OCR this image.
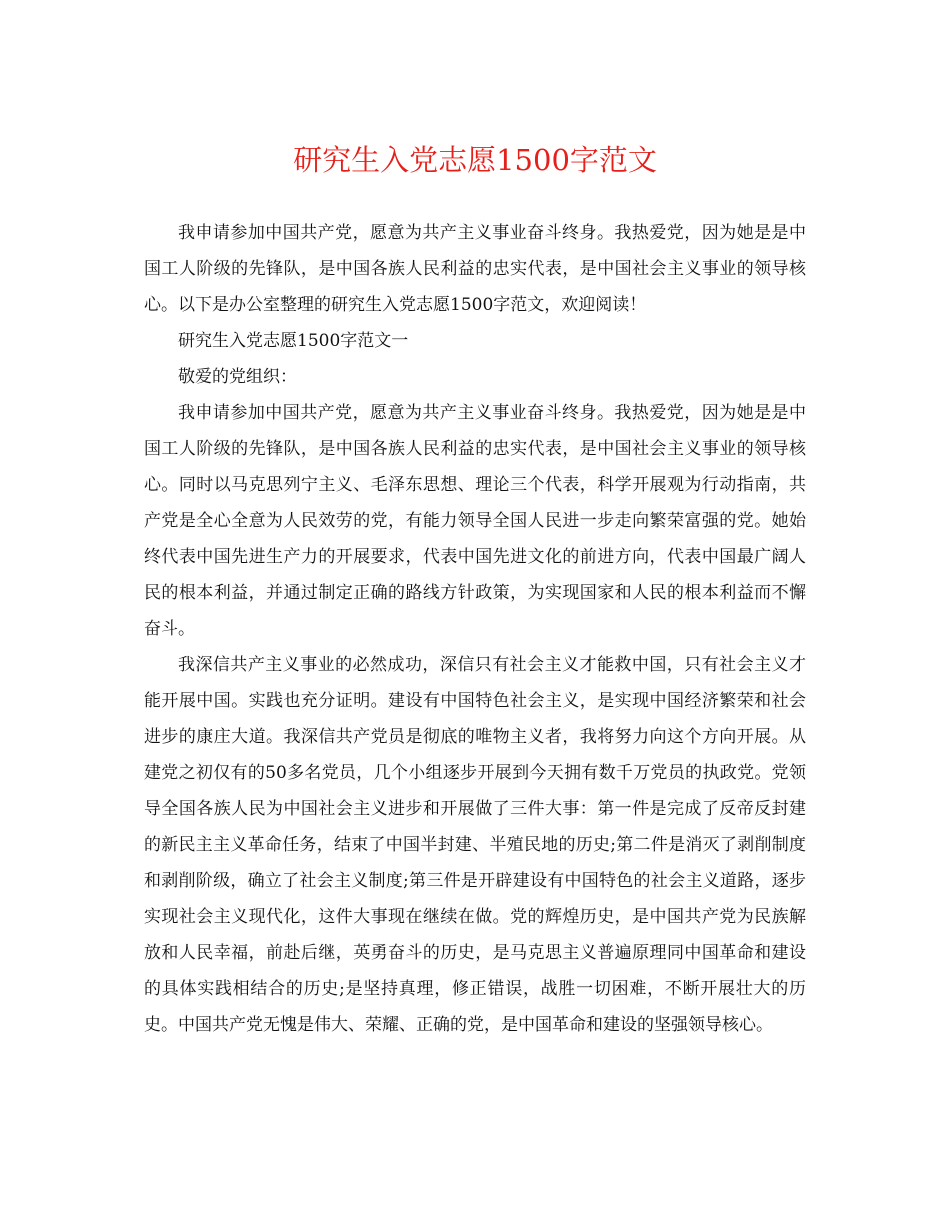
研究生入党志愿1500字范文

我申请参加中国共产党，愿意为共产主义事业奋斗终身。我热爱党，因为她是是中国工人阶级的先锋队，是中国各族人民利益的忠实代表，是中国社会主义事业的领导核心。以下是办公室整理的研究生入党志愿1500字范文，欢迎阅读！

研究生入党志愿1500字范文一

敬爱的党组织：

我申请参加中国共产党，愿意为共产主义事业奋斗终身。我热爱党，因为她是是中国工人阶级的先锋队，是中国各族人民利益的忠实代表，是中国社会主义事业的领导核心。同时以马克思列宁主义、毛泽东思想、理论三个代表，科学开展观为行动指南，共产党是全心全意为人民效劳的党，有能力领导全国人民进一步走向繁荣富强的党。她始终代表中国先进生产力的开展要求，代表中国先进文化的前进方向，代表中国最广阔人民的根本利益，并通过制定正确的路线方针政策，为实现国家和人民的根本利益而不懈奋斗。

我深信共产主义事业的必然成功，深信只有社会主义才能救中国，只有社会主义才能开展中国。实践也充分证明。建设有中国特色社会主义，是实现中国经济繁荣和社会进步的康庄大道。我深信共产党员是彻底的唯物主义者，我将努力向这个方向开展。从建党之初仅有的50多名党员，几个小组逐步开展到今天拥有数千万党员的执政党。党领导全国各族人民为中国社会主义进步和开展做了三件大事：第一件是完成了反帝反封建的新民主主义革命任务，结束了中国半封建、半殖民地的历史;第二件是消灭了剥削制度和剥削阶级，确立了社会主义制度;第三件是开辟建设有中国特色的社会主义道路，逐步实现社会主义现代化，这件大事现在继续在做。党的辉煌历史，是中国共产党为民族解放和人民幸福，前赴后继，英勇奋斗的历史，是马克思主义普遍原理同中国革命和建设的具体实践相结合的历史;是坚持真理，修正错误，战胜一切困难，不断开展壮大的历史。中国共产党无愧是伟大、荣耀、正确的党，是中国革命和建设的坚强领导核心。
